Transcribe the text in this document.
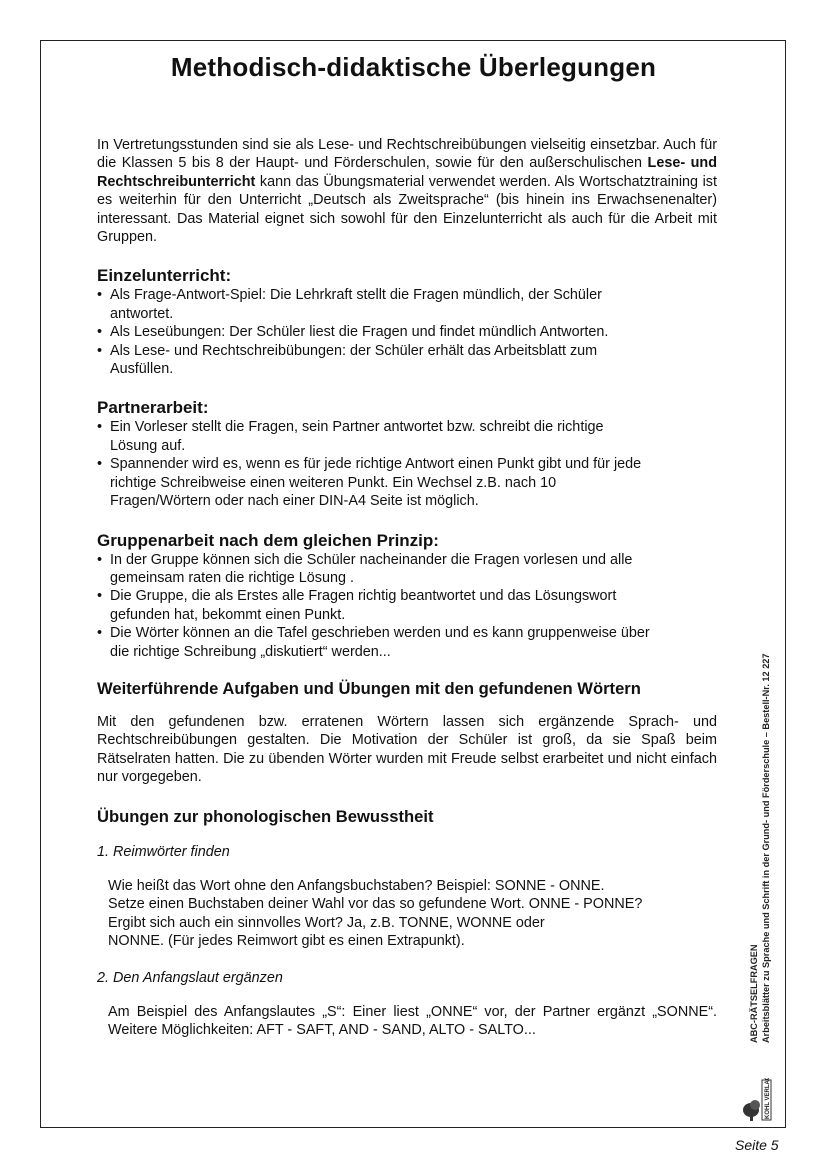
Methodisch-didaktische Überlegungen

In Vertretungsstunden sind sie als Lese- und Rechtschreibübungen vielseitig einsetzbar. Auch für die Klassen 5 bis 8 der Haupt- und Förderschulen, sowie für den außerschulischen Lese- und Rechtschreibunterricht kann das Übungsmaterial verwendet werden. Als Wortschatztraining ist es weiterhin für den Unterricht „Deutsch als Zweitsprache“ (bis hinein ins Erwachsenenalter) interessant. Das Material eignet sich sowohl für den Einzelunterricht als auch für die Arbeit mit Gruppen.

Einzelunterricht:
• Als Frage-Antwort-Spiel: Die Lehrkraft stellt die Fragen mündlich, der Schüler antwortet.
• Als Leseübungen: Der Schüler liest die Fragen und findet mündlich Antworten.
• Als Lese- und Rechtschreibübungen: der Schüler erhält das Arbeitsblatt zum Ausfüllen.
Partnerarbeit:
• Ein Vorleser stellt die Fragen, sein Partner antwortet bzw. schreibt die richtige Lösung auf.
• Spannender wird es, wenn es für jede richtige Antwort einen Punkt gibt und für jede richtige Schreibweise einen weiteren Punkt. Ein Wechsel z.B. nach 10 Fragen/Wörtern oder nach einer DIN-A4 Seite ist möglich.
Gruppenarbeit nach dem gleichen Prinzip:
• In der Gruppe können sich die Schüler nacheinander die Fragen vorlesen und alle gemeinsam raten die richtige Lösung .
• Die Gruppe, die als Erstes alle Fragen richtig beantwortet und das Lösungswort gefunden hat, bekommt einen Punkt.
• Die Wörter können an die Tafel geschrieben werden und es kann gruppenweise über die richtige Schreibung „diskutiert“ werden...
Weiterführende Aufgaben und Übungen mit den gefundenen Wörtern

Mit den gefundenen bzw. erratenen Wörtern lassen sich ergänzende Sprach- und Rechtschreibübungen gestalten. Die Motivation der Schüler ist groß, da sie Spaß beim Rätselraten hatten. Die zu übenden Wörter wurden mit Freude selbst erarbeitet und nicht einfach nur vorgegeben.

Übungen zur phonologischen Bewusstheit
1. Reimwörter finden
Wie heißt das Wort ohne den Anfangsbuchstaben? Beispiel: SONNE - ONNE.
Setze einen Buchstaben deiner Wahl vor das so gefundene Wort. ONNE - PONNE?
Ergibt sich auch ein sinnvolles Wort? Ja, z.B. TONNE, WONNE oder
NONNE. (Für jedes Reimwort gibt es einen Extrapunkt).
2. Den Anfangslaut ergänzen

Am Beispiel des Anfangslautes „S“: Einer liest „ONNE“ vor, der Partner ergänzt „SONNE“. Weitere Möglichkeiten: AFT - SAFT, AND - SAND, ALTO - SALTO...	ABC-RÄTSELFRAGEN Arbeitsblätter zu Sprache und Schrift in der Grund- und Förderschule – Bestell-Nr. 12 227
KOHL VERLAG
Seite 5
